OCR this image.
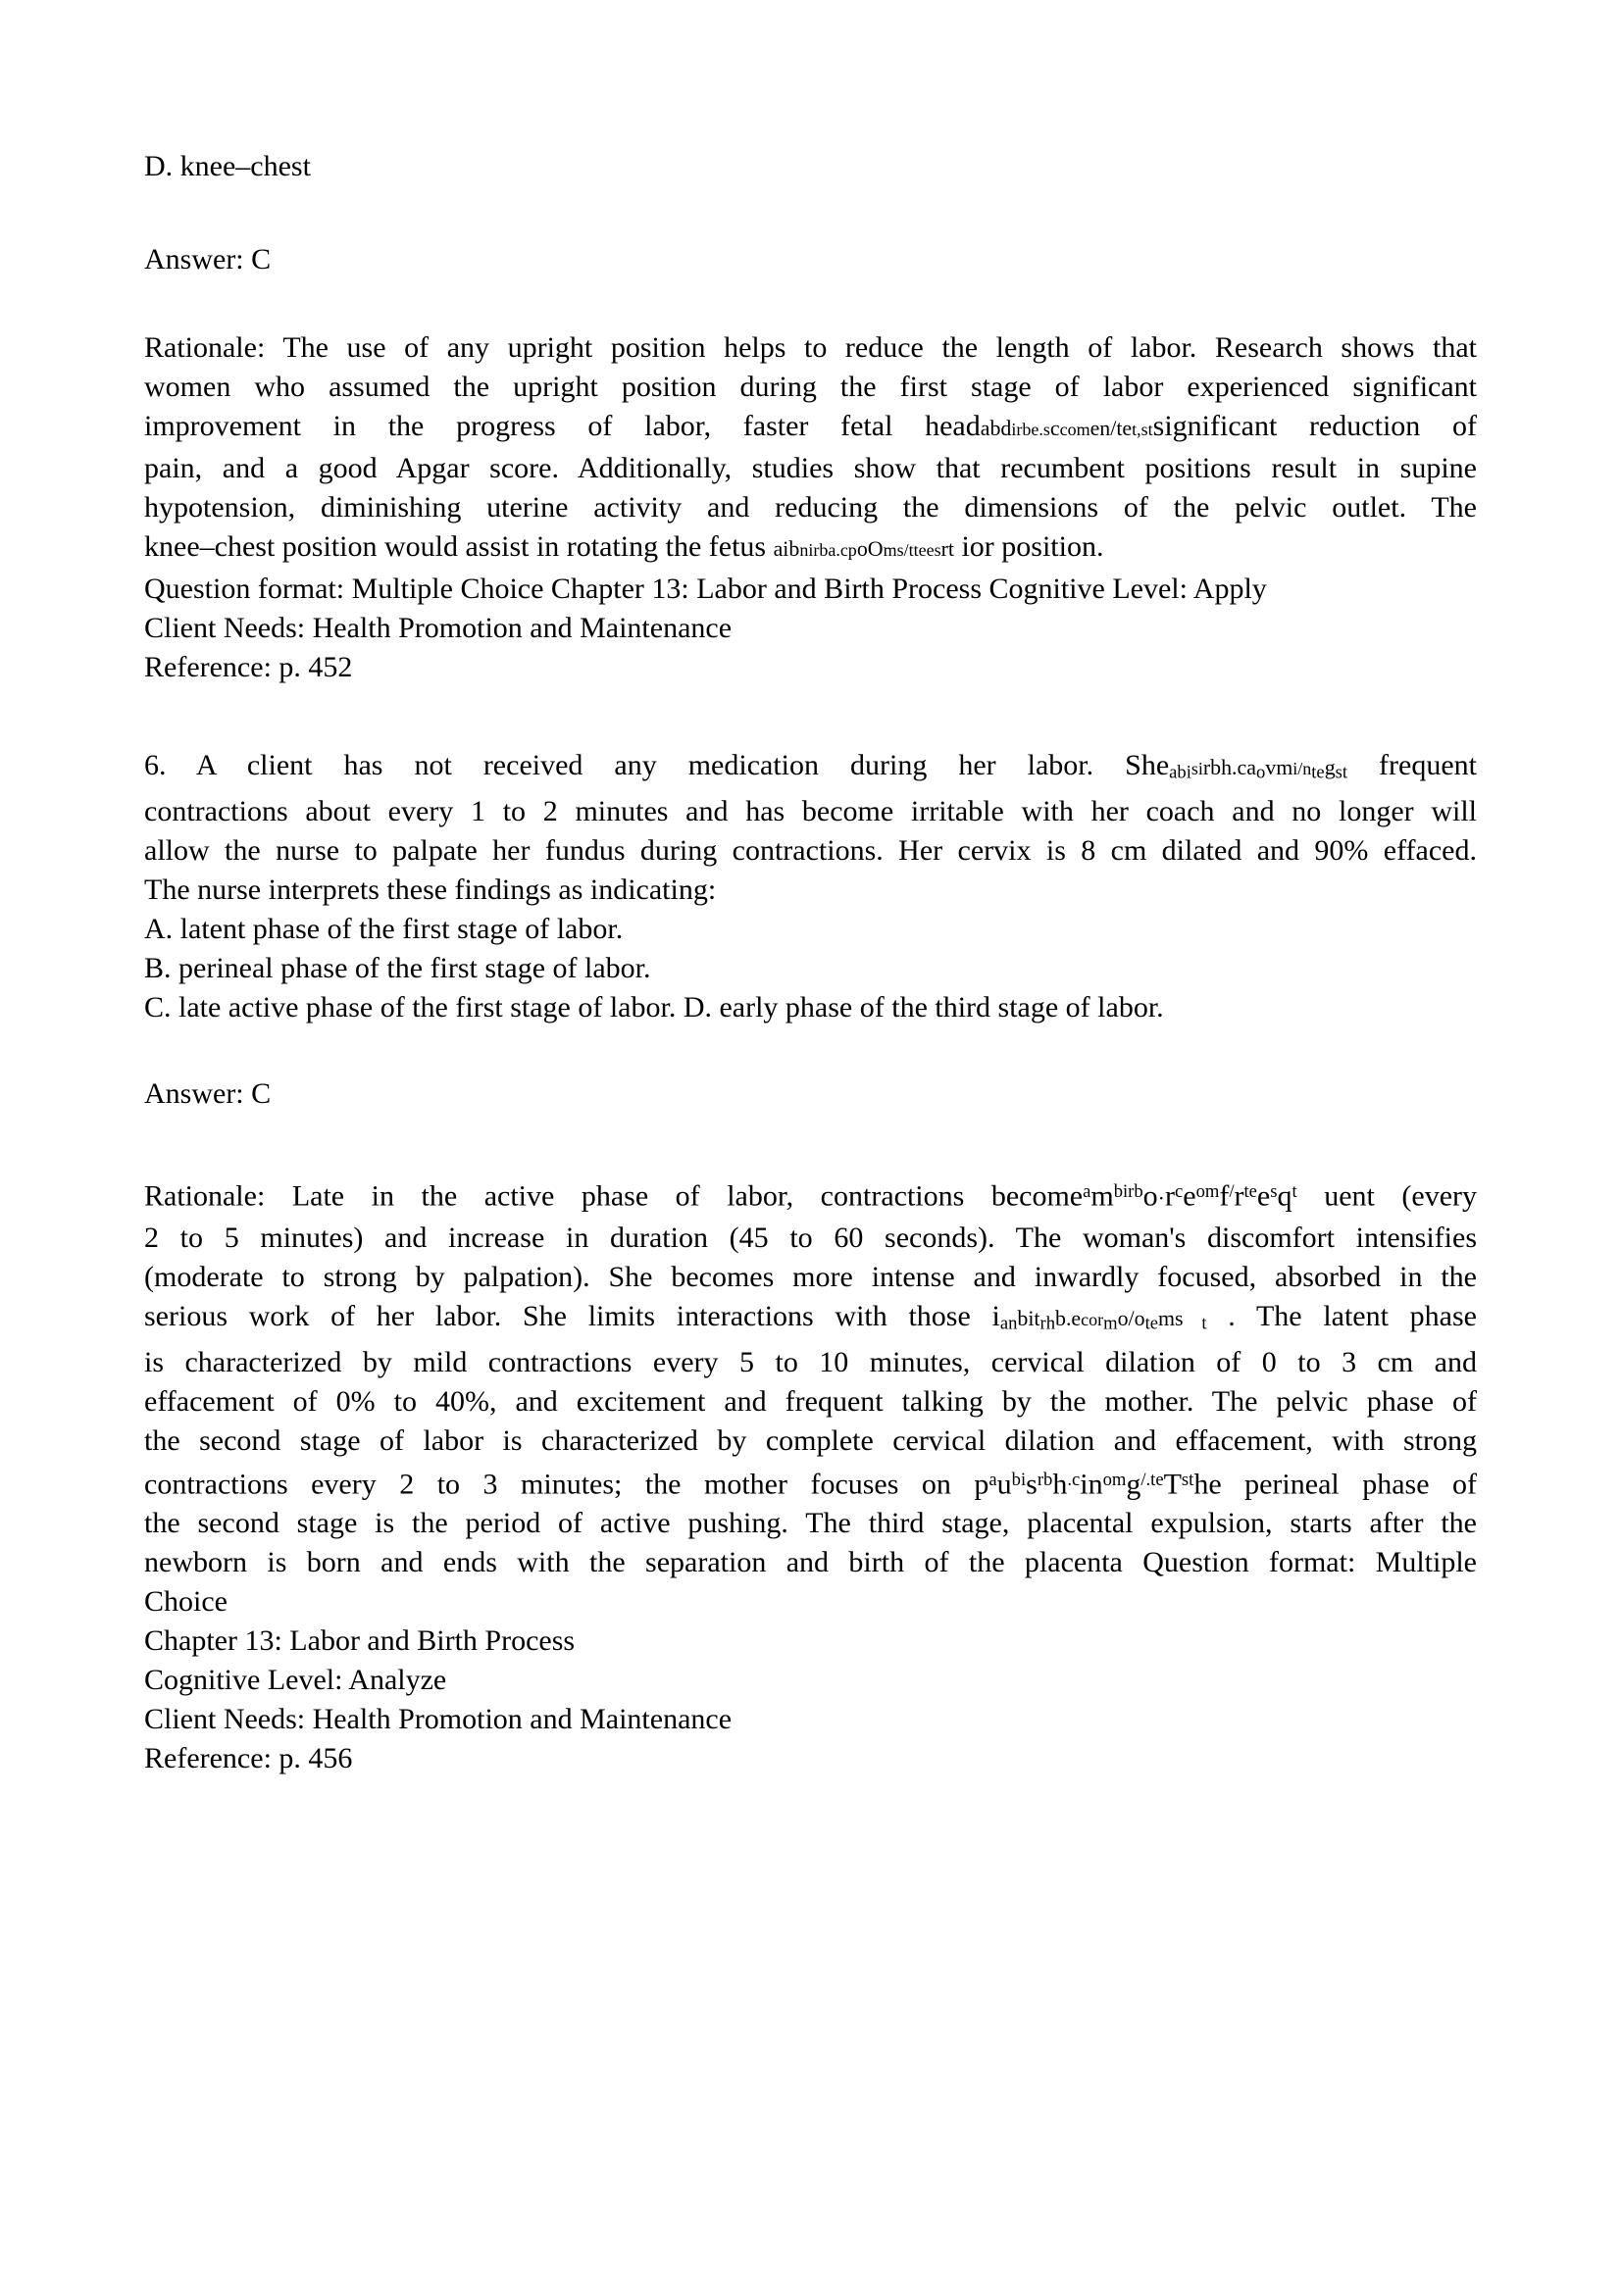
D. knee–chest
Answer: C
Rationale: The use of any upright position helps to reduce the length of labor. Research shows that
women who assumed the upright position during the first stage of labor experienced significant
improvement in the progress of labor, faster fetal headabdirbe.sccomen/tet,stsignificant reduction of
pain, and a good Apgar score. Additionally, studies show that recumbent positions result in supine
hypotension, diminishing uterine activity and reducing the dimensions of the pelvic outlet. The
knee–chest position would assist in rotating the fetus aibnirba.cpoOms/tteesrt ior position.
Question format: Multiple Choice Chapter 13: Labor and Birth Process Cognitive Level: Apply
Client Needs: Health Promotion and Maintenance
Reference: p. 452
6. A client has not received any medication during her labor. Sheabisirbh.caovmi/ntegst frequent
contractions about every 1 to 2 minutes and has become irritable with her coach and no longer will
allow the nurse to palpate her fundus during contractions. Her cervix is 8 cm dilated and 90% effaced.
The nurse interprets these findings as indicating:
A. latent phase of the first stage of labor.
B. perineal phase of the first stage of labor.
C. late active phase of the first stage of labor. D. early phase of the third stage of labor.
Answer: C
Rationale: Late in the active phase of labor, contractions $become^am^{birb}o\cdot r^ce^{om}f^/r^{te}e^sq^t$ uent (every
2 to 5 minutes) and increase in duration (45 to 60 seconds). The woman's discomfort intensifies
(moderate to strong by palpation). She becomes more intense and inwardly focused, absorbed in the
serious work of her labor. She limits interactions with those ianbitrhb.ecormo/otems t . The latent phase
is characterized by mild contractions every 5 to 10 minutes, cervical dilation of 0 to 3 cm and
effacement of 0% to 40%, and excitement and frequent talking by the mother. The pelvic phase of
the second stage of labor is characterized by complete cervical dilation and effacement, with strong
contractions every 2 to 3 minutes; the mother focuses on $p^au^{bi}s^{rb}h^{.c}in^{om}g^{/.te}T^{st}he$ perineal phase of
the second stage is the period of active pushing. The third stage, placental expulsion, starts after the
newborn is born and ends with the separation and birth of the placenta Question format: Multiple
Choice
Chapter 13: Labor and Birth Process
Cognitive Level: Analyze
Client Needs: Health Promotion and Maintenance
Reference: p. 456
